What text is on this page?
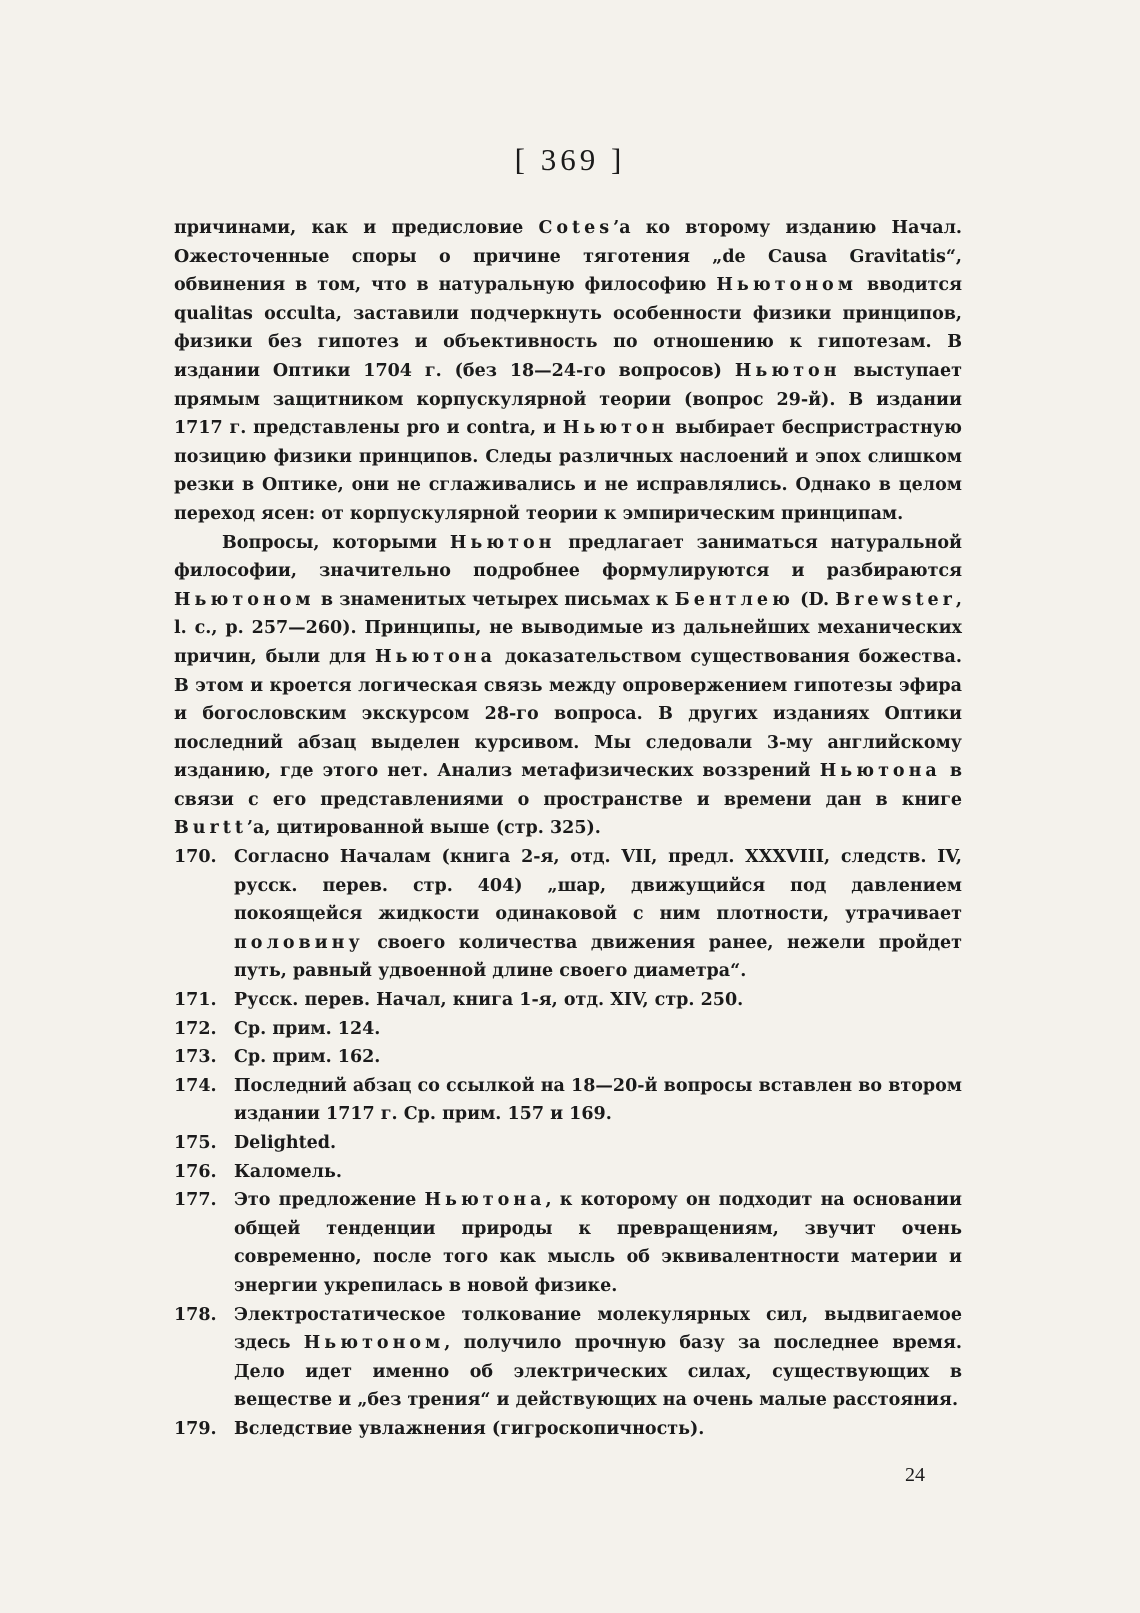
[ 369 ]

причинами, как и предисловие Cotes’а ко второму изданию Начал. Ожесточенные споры о причине тяготения „de Causa Gravitatis“, обвинения в том, что в натуральную философию Ньютоном вводится qualitas occulta, заставили подчеркнуть особенности физики принципов, физики без гипотез и объективность по отношению к гипотезам. В издании Оптики 1704 г. (без 18—24-го вопросов) Ньютон выступает прямым защитником корпускулярной теории (вопрос 29-й). В издании 1717 г. представлены pro и contra, и Ньютон выбирает беспристрастную позицию физики принципов. Следы различных наслоений и эпох слишком резки в Оптике, они не сглаживались и не исправлялись. Однако в целом переход ясен: от корпускулярной теории к эмпирическим принципам.

Вопросы, которыми Ньютон предлагает заниматься натуральной философии, значительно подробнее формулируются и разбираются Ньютоном в знаменитых четырех письмах к Бентлею (D. Brewster, l. c., p. 257—260). Принципы, не выводимые из дальнейших механических причин, были для Ньютона доказательством существования божества. В этом и кроется логическая связь между опровержением гипотезы эфира и богословским экскурсом 28-го вопроса. В других изданиях Оптики последний абзац выделен курсивом. Мы следовали 3-му английскому изданию, где этого нет. Анализ метафизических воззрений Ньютона в связи с его представлениями о пространстве и времени дан в книге Burtt’a, цитированной выше (стр. 325).

170. Согласно Началам (книга 2-я, отд. VII, предл. XXXVIII, следств. IV, русск. перев. стр. 404) „шар, движущийся под давлением покоящейся жидкости одинаковой с ним плотности, утрачивает половину своего количества движения ранее, нежели пройдет путь, равный удвоенной длине своего диаметра“.
171. Русск. перев. Начал, книга 1-я, отд. XIV, стр. 250.
172. Ср. прим. 124.
173. Ср. прим. 162.
174. Последний абзац со ссылкой на 18—20-й вопросы вставлен во втором издании 1717 г. Ср. прим. 157 и 169.
175. Delighted.
176. Каломель.
177. Это предложение Ньютона, к которому он подходит на основании общей тенденции природы к превращениям, звучит очень современно, после того как мысль об эквивалентности материи и энергии укрепилась в новой физике.
178. Электростатическое толкование молекулярных сил, выдвигаемое здесь Ньютоном, получило прочную базу за последнее время. Дело идет именно об электрических силах, существующих в веществе и „без трения“ и действующих на очень малые расстояния.
179. Вследствие увлажнения (гигроскопичность).
24
